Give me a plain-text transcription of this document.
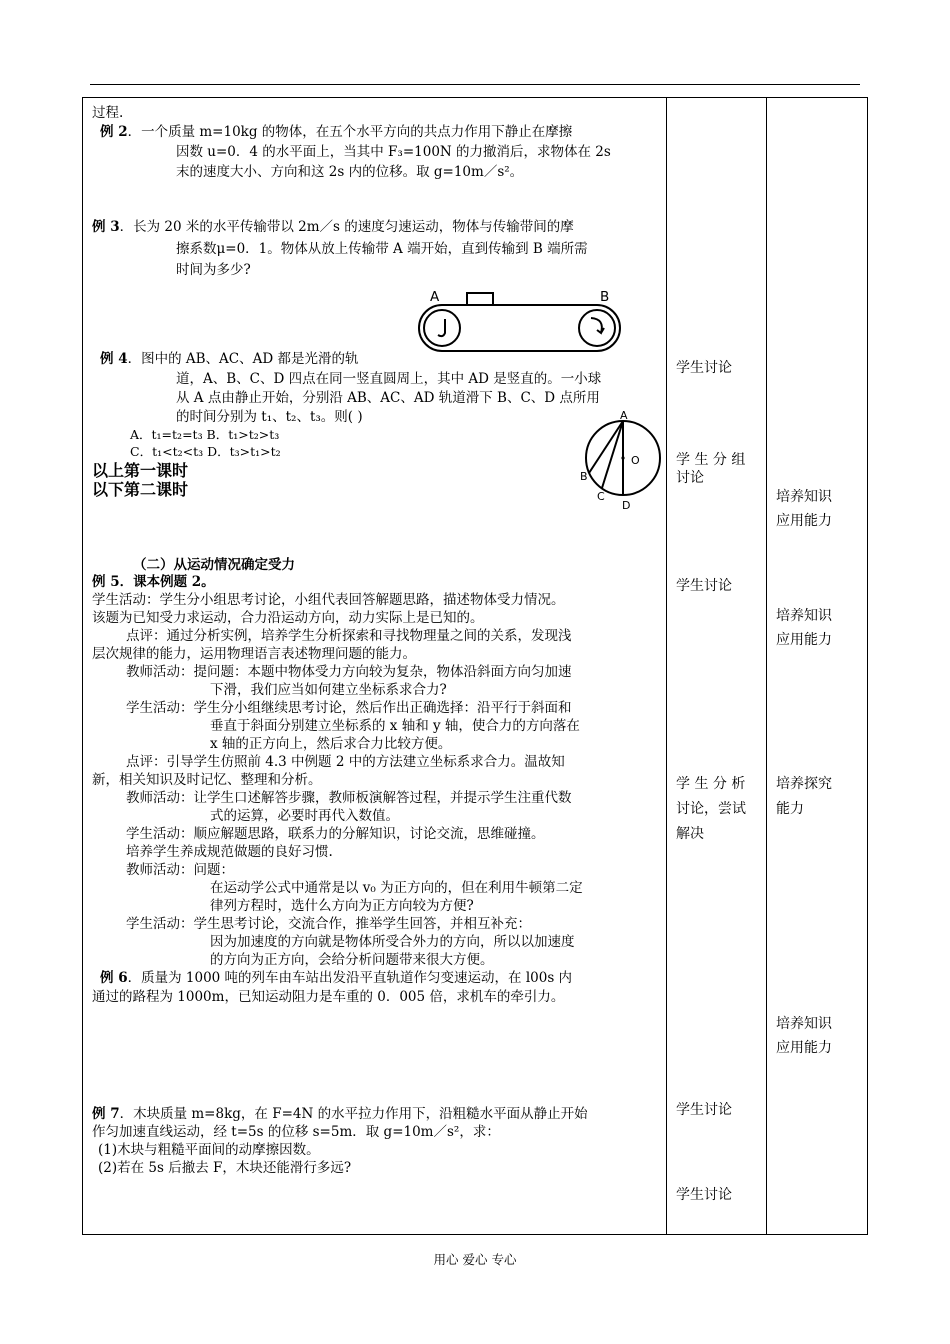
过程.
例 2．一个质量 m=10kg 的物体，在五个水平方向的共点力作用下静止在摩擦
因数 u=0．4 的水平面上，当其中 F₃=100N 的力撤消后，求物体在 2s
末的速度大小、方向和这 2s 内的位移。取 g=10m／s²。
例 3．长为 20 米的水平传输带以 2m／s 的速度匀速运动，物体与传输带间的摩
擦系数μ=0．1。物体从放上传输带 A 端开始，直到传输到 B 端所需
时间为多少?
A	B
例 4．图中的 AB、AC、AD 都是光滑的轨
道，A、B、C、D 四点在同一竖直圆周上，其中 AD 是竖直的。一小球
从 A 点由静止开始，分别沿 AB、AC、AD 轨道滑下 B、C、D 点所用
的时间分别为 t₁、t₂、t₃。则( )
A．t₁=t₂=t₃ B．t₁>t₂>t₃
C．t₁<t₂<t₃ D．t₃>t₁>t₂
A
B
C
D
O
以上第一课时
以下第二课时
（二）从运动情况确定受力
例 5．课本例题 2。
学生活动：学生分小组思考讨论，小组代表回答解题思路，描述物体受力情况。
该题为已知受力求运动，合力沿运动方向，动力实际上是已知的。
点评：通过分析实例，培养学生分析探索和寻找物理量之间的关系，发现浅
层次规律的能力，运用物理语言表述物理问题的能力。
教师活动：提问题：本题中物体受力方向较为复杂，物体沿斜面方向匀加速
下滑，我们应当如何建立坐标系求合力?
学生活动：学生分小组继续思考讨论，然后作出正确选择：沿平行于斜面和
垂直于斜面分别建立坐标系的 x 轴和 y 轴，使合力的方向落在
x 轴的正方向上，然后求合力比较方便。
点评：引导学生仿照前 4.3 中例题 2 中的方法建立坐标系求合力。温故知
新，相关知识及时记忆、整理和分析。
教师活动：让学生口述解答步骤，教师板演解答过程，并提示学生注重代数
式的运算，必要时再代入数值。
学生活动：顺应解题思路，联系力的分解知识，讨论交流，思维碰撞。
培养学生养成规范做题的良好习惯.
教师活动：问题：
在运动学公式中通常是以 v₀ 为正方向的，但在利用牛顿第二定
律列方程时，选什么方向为正方向较为方便?
学生活动：学生思考讨论，交流合作，推举学生回答，并相互补充：
因为加速度的方向就是物体所受合外力的方向，所以以加速度
的方向为正方向，会给分析问题带来很大方便。
例 6．质量为 1000 吨的列车由车站出发沿平直轨道作匀变速运动，在 l00s 内
通过的路程为 1000m，已知运动阻力是车重的 0．005 倍，求机车的牵引力。
例 7．木块质量 m=8kg，在 F=4N 的水平拉力作用下，沿粗糙水平面从静止开始
作匀加速直线运动，经 t=5s 的位移 s=5m．取 g=10m／s²，求：
(1)木块与粗糙平面间的动摩擦因数。
(2)若在 5s 后撤去 F，木块还能滑行多远?
学生讨论
学 生 分 组
讨论
学生讨论
学 生 分 析
讨论，尝试
解决
学生讨论
学生讨论
培养知识
应用能力
培养知识
应用能力
培养探究
能力
培养知识
应用能力
用心 爱心 专心
